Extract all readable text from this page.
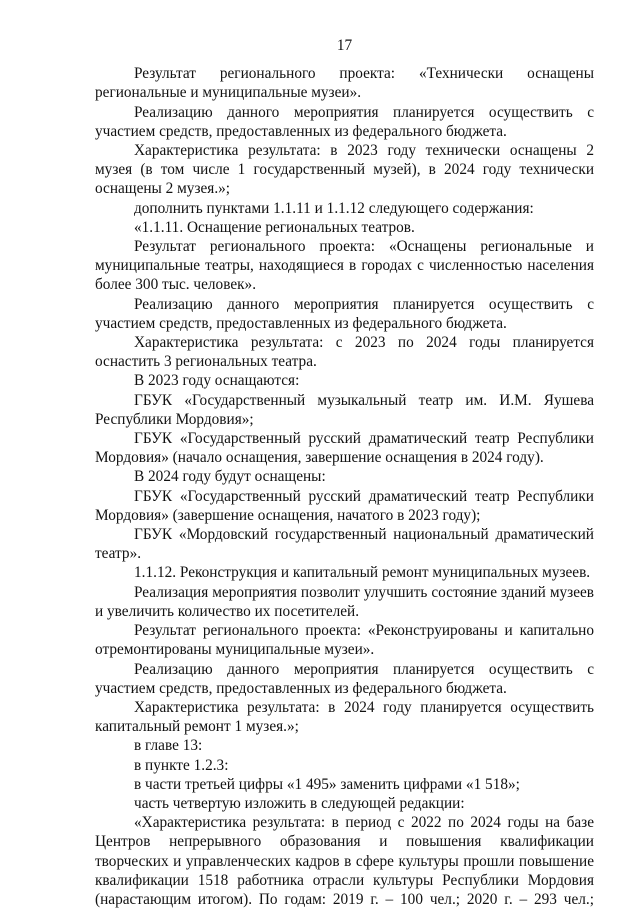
17

Результат регионального проекта: «Технически оснащены региональные и муниципальные музеи».

Реализацию данного мероприятия планируется осуществить с участием средств, предоставленных из федерального бюджета.

Характеристика результата: в 2023 году технически оснащены 2 музея (в том числе 1 государственный музей), в 2024 году технически оснащены 2 музея.»;

дополнить пунктами 1.1.11 и 1.1.12 следующего содержания:

«1.1.11. Оснащение региональных театров.

Результат регионального проекта: «Оснащены региональные и муниципальные театры, находящиеся в городах с численностью населения более 300 тыс. человек».

Реализацию данного мероприятия планируется осуществить с участием средств, предоставленных из федерального бюджета.

Характеристика результата: с 2023 по 2024 годы планируется оснастить 3 региональных театра.

В 2023 году оснащаются:

ГБУК «Государственный музыкальный театр им. И.М. Яушева Республики Мордовия»;

ГБУК «Государственный русский драматический театр Республики Мордовия» (начало оснащения, завершение оснащения в 2024 году).

В 2024 году будут оснащены:

ГБУК «Государственный русский драматический театр Республики Мордовия» (завершение оснащения, начатого в 2023 году);

ГБУК «Мордовский государственный национальный драматический театр».

1.1.12. Реконструкция и капитальный ремонт муниципальных музеев.

Реализация мероприятия позволит улучшить состояние зданий музеев и увеличить количество их посетителей.

Результат регионального проекта: «Реконструированы и капитально отремонтированы муниципальные музеи».

Реализацию данного мероприятия планируется осуществить с участием средств, предоставленных из федерального бюджета.

Характеристика результата: в 2024 году планируется осуществить капитальный ремонт 1 музея.»;

в главе 13:

в пункте 1.2.3:

в части третьей цифры «1 495» заменить цифрами «1 518»;

часть четвертую изложить в следующей редакции:

«Характеристика результата: в период с 2022 по 2024 годы на базе Центров непрерывного образования и повышения квалификации творческих и управленческих кадров в сфере культуры прошли повышение квалификации 1518 работника отрасли культуры Республики Мордовия (нарастающим итогом). По годам: 2019 г. – 100 чел.; 2020 г. – 293 чел.;
